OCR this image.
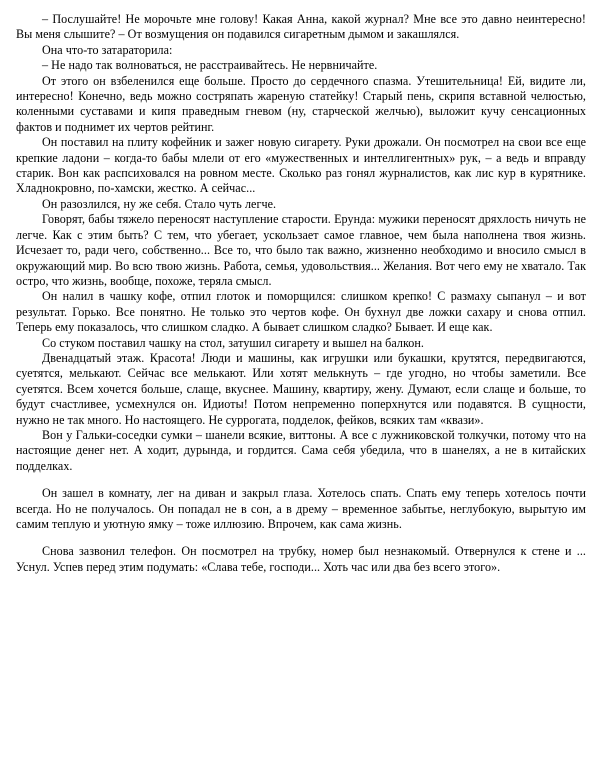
– Послушайте! Не морочьте мне голову! Какая Анна, какой журнал? Мне все это давно неинтересно! Вы меня слышите? – От возмущения он подавился сигаретным дымом и закашлялся.

Она что-то затараторила:

– Не надо так волноваться, не расстраивайтесь. Не нервничайте.

От этого он взбеленился еще больше. Просто до сердечного спазма. Утешительница! Ей, видите ли, интересно! Конечно, ведь можно состряпать жареную статейку! Старый пень, скрипя вставной челюстью, коленными суставами и кипя праведным гневом (ну, старческой желчью), выложит кучу сенсационных фактов и поднимет их чертов рейтинг.

Он поставил на плиту кофейник и зажег новую сигарету. Руки дрожали. Он посмотрел на свои все еще крепкие ладони – когда-то бабы млели от его «мужественных и интеллигентных» рук, – а ведь и вправду старик. Вон как распсиховался на ровном месте. Сколько раз гонял журналистов, как лис кур в курятнике. Хладнокровно, по-хамски, жестко. А сейчас...

Он разозлился, ну же себя. Стало чуть легче.

Говорят, бабы тяжело переносят наступление старости. Ерунда: мужики переносят дряхлость ничуть не легче. Как с этим быть? С тем, что убегает, ускользает самое главное, чем была наполнена твоя жизнь. Исчезает то, ради чего, собственно... Все то, что было так важно, жизненно необходимо и вносило смысл в окружающий мир. Во всю твою жизнь. Работа, семья, удовольствия... Желания. Вот чего ему не хватало. Так остро, что жизнь, вообще, похоже, теряла смысл.

Он налил в чашку кофе, отпил глоток и поморщился: слишком крепко! С размаху сыпанул – и вот результат. Горько. Все понятно. Не только это чертов кофе. Он бухнул две ложки сахару и снова отпил. Теперь ему показалось, что слишком сладко. А бывает слишком сладко? Бывает. И еще как.

Со стуком поставил чашку на стол, затушил сигарету и вышел на балкон.

Двенадцатый этаж. Красота! Люди и машины, как игрушки или букашки, крутятся, передвигаются, суетятся, мелькают. Сейчас все мелькают. Или хотят мелькнуть – где угодно, но чтобы заметили. Все суетятся. Всем хочется больше, слаще, вкуснее. Машину, квартиру, жену. Думают, если слаще и больше, то будут счастливее, усмехнулся он. Идиоты! Потом непременно поперхнутся или подавятся. В сущности, нужно не так много. Но настоящего. Не суррогата, подделок, фейков, всяких там «квази».

Вон у Гальки-соседки сумки – шанели всякие, виттоны. А все с лужниковской толкучки, потому что на настоящие денег нет. А ходит, дурында, и гордится. Сама себя убедила, что в шанелях, а не в китайских подделках.

Он зашел в комнату, лег на диван и закрыл глаза. Хотелось спать. Спать ему теперь хотелось почти всегда. Но не получалось. Он попадал не в сон, а в дрему – временное забытье, неглубокую, вырытую им самим теплую и уютную ямку – тоже иллюзию. Впрочем, как сама жизнь.

Снова зазвонил телефон. Он посмотрел на трубку, номер был незнакомый. Отвернулся к стене и ... Уснул. Успев перед этим подумать: «Слава тебе, господи... Хоть час или два без всего этого».
